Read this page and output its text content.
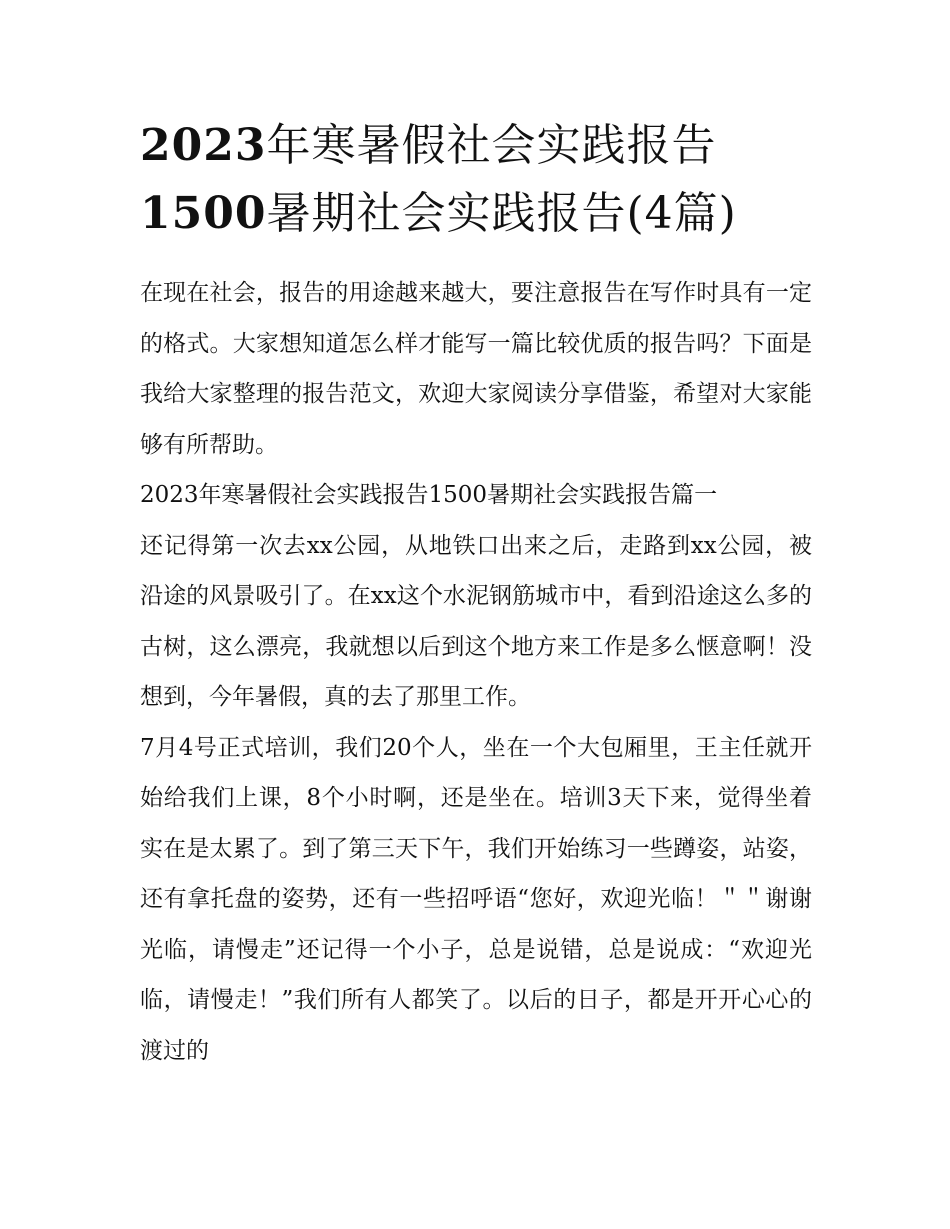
2023年寒暑假社会实践报告
1500暑期社会实践报告(4篇)

在现在社会，报告的用途越来越大，要注意报告在写作时具有一定的格式。大家想知道怎么样才能写一篇比较优质的报告吗？下面是我给大家整理的报告范文，欢迎大家阅读分享借鉴，希望对大家能够有所帮助。

2023年寒暑假社会实践报告1500暑期社会实践报告篇一

还记得第一次去xx公园，从地铁口出来之后，走路到xx公园，被沿途的风景吸引了。在xx这个水泥钢筋城市中，看到沿途这么多的古树，这么漂亮，我就想以后到这个地方来工作是多么惬意啊！没想到，今年暑假，真的去了那里工作。

7月4号正式培训，我们20个人，坐在一个大包厢里，王主任就开始给我们上课，8个小时啊，还是坐在。培训3天下来，觉得坐着实在是太累了。到了第三天下午，我们开始练习一些蹲姿，站姿，还有拿托盘的姿势，还有一些招呼语“您好，欢迎光临！＂＂谢谢光临，请慢走”还记得一个小子，总是说错，总是说成：“欢迎光临，请慢走！”我们所有人都笑了。以后的日子，都是开开心心的渡过的
